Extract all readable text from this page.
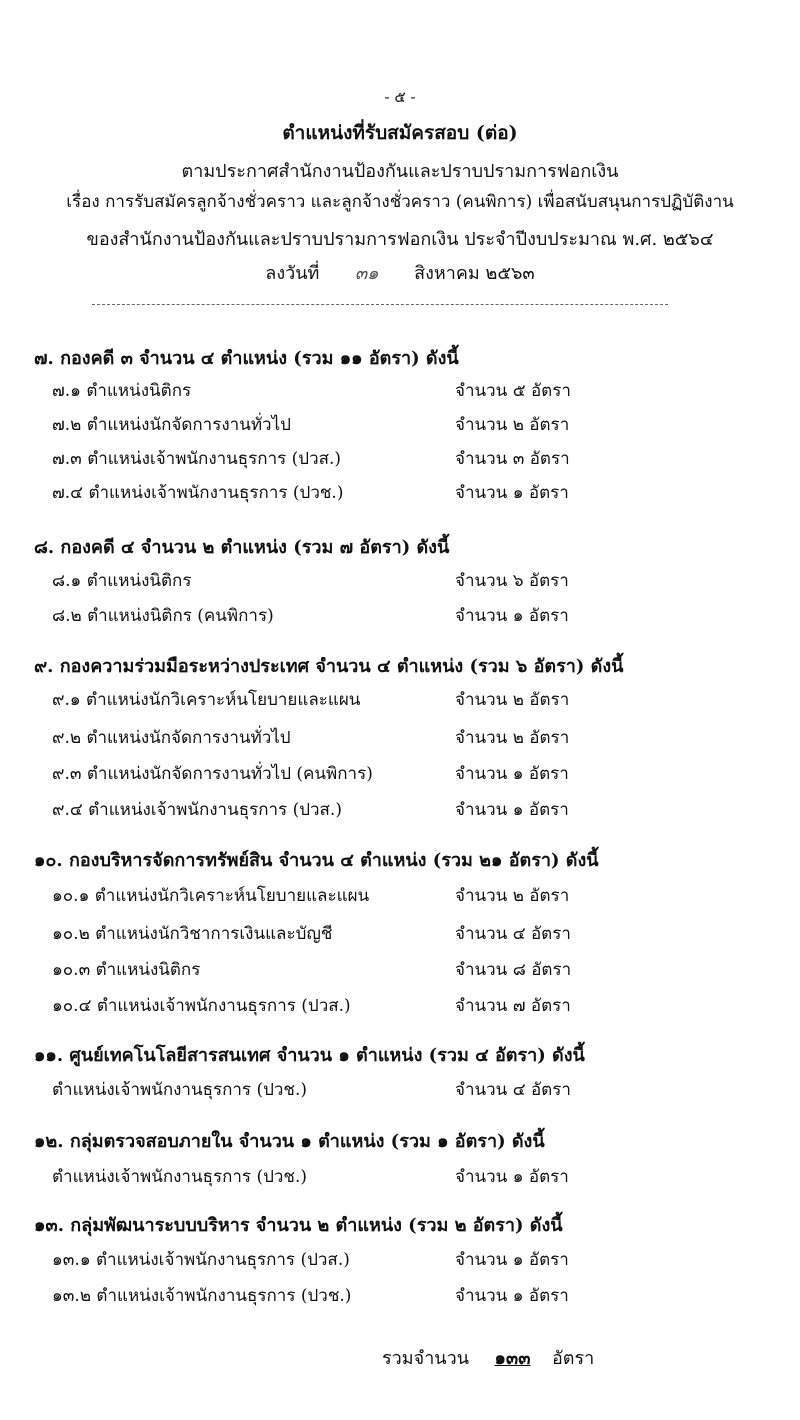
- ๕ -
ตำแหน่งที่รับสมัครสอบ (ต่อ)
ตามประกาศสำนักงานป้องกันและปราบปรามการฟอกเงิน
เรื่อง การรับสมัครลูกจ้างชั่วคราว และลูกจ้างชั่วคราว (คนพิการ) เพื่อสนับสนุนการปฏิบัติงาน
ของสำนักงานป้องกันและปราบปรามการฟอกเงิน ประจำปีงบประมาณ พ.ศ. ๒๕๖๔
ลงวันที่ ๓๑ สิงหาคม ๒๕๖๓
๗. กองคดี ๓ จำนวน ๔ ตำแหน่ง (รวม ๑๑ อัตรา) ดังนี้
๗.๑ ตำแหน่งนิติกร	จำนวน ๕ อัตรา
๗.๒ ตำแหน่งนักจัดการงานทั่วไป	จำนวน ๒ อัตรา
๗.๓ ตำแหน่งเจ้าพนักงานธุรการ (ปวส.)	จำนวน ๓ อัตรา
๗.๔ ตำแหน่งเจ้าพนักงานธุรการ (ปวช.)	จำนวน ๑ อัตรา
๘. กองคดี ๔ จำนวน ๒ ตำแหน่ง (รวม ๗ อัตรา) ดังนี้
๘.๑ ตำแหน่งนิติกร	จำนวน ๖ อัตรา
๘.๒ ตำแหน่งนิติกร (คนพิการ)	จำนวน ๑ อัตรา
๙. กองความร่วมมือระหว่างประเทศ จำนวน ๔ ตำแหน่ง (รวม ๖ อัตรา) ดังนี้
๙.๑ ตำแหน่งนักวิเคราะห์นโยบายและแผน	จำนวน ๒ อัตรา
๙.๒ ตำแหน่งนักจัดการงานทั่วไป	จำนวน ๒ อัตรา
๙.๓ ตำแหน่งนักจัดการงานทั่วไป (คนพิการ)	จำนวน ๑ อัตรา
๙.๔ ตำแหน่งเจ้าพนักงานธุรการ (ปวส.)	จำนวน ๑ อัตรา
๑๐. กองบริหารจัดการทรัพย์สิน จำนวน ๔ ตำแหน่ง (รวม ๒๑ อัตรา) ดังนี้
๑๐.๑ ตำแหน่งนักวิเคราะห์นโยบายและแผน	จำนวน ๒ อัตรา
๑๐.๒ ตำแหน่งนักวิชาการเงินและบัญชี	จำนวน ๔ อัตรา
๑๐.๓ ตำแหน่งนิติกร	จำนวน ๘ อัตรา
๑๐.๔ ตำแหน่งเจ้าพนักงานธุรการ (ปวส.)	จำนวน ๗ อัตรา
๑๑. ศูนย์เทคโนโลยีสารสนเทศ จำนวน ๑ ตำแหน่ง (รวม ๔ อัตรา) ดังนี้
ตำแหน่งเจ้าพนักงานธุรการ (ปวช.)	จำนวน ๔ อัตรา
๑๒. กลุ่มตรวจสอบภายใน จำนวน ๑ ตำแหน่ง (รวม ๑ อัตรา) ดังนี้
ตำแหน่งเจ้าพนักงานธุรการ (ปวช.)	จำนวน ๑ อัตรา
๑๓. กลุ่มพัฒนาระบบบริหาร จำนวน ๒ ตำแหน่ง (รวม ๒ อัตรา) ดังนี้
๑๓.๑ ตำแหน่งเจ้าพนักงานธุรการ (ปวส.)	จำนวน ๑ อัตรา
๑๓.๒ ตำแหน่งเจ้าพนักงานธุรการ (ปวช.)	จำนวน ๑ อัตรา
รวมจำนวน ๑๓๓ อัตรา
